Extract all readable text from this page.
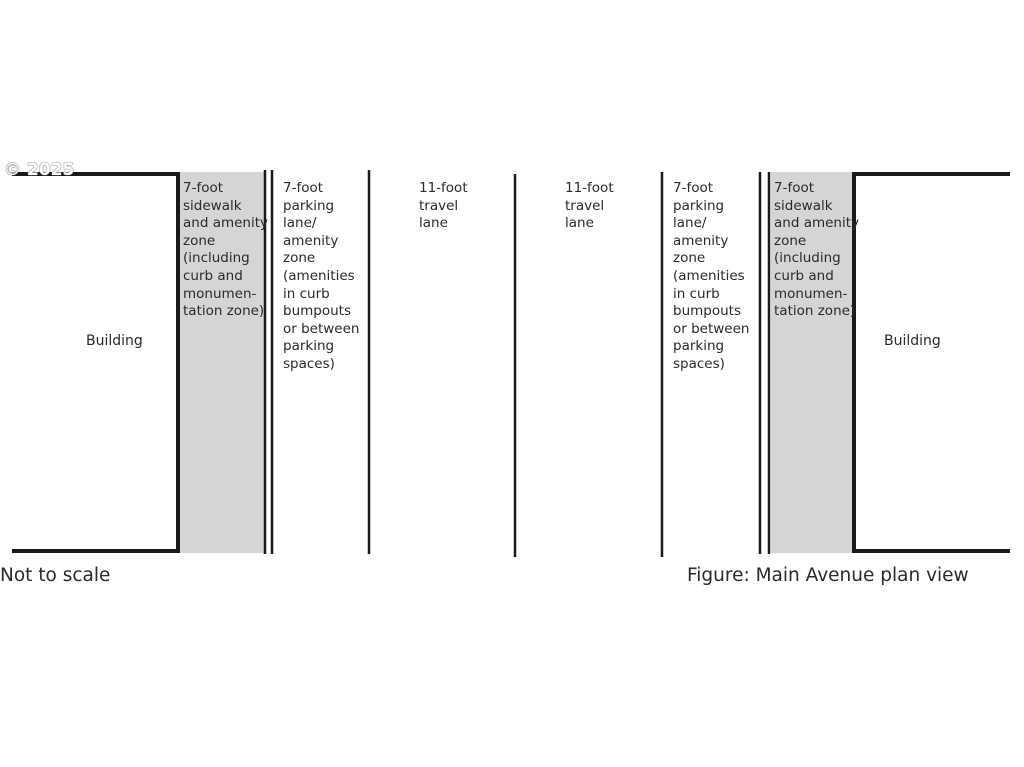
© 2025
Building
7-foot
sidewalk
and amenity
zone
(including
curb and
monumen-
tation zone)
7-foot
parking
lane/
amenity
zone
(amenities
in curb
bumpouts
or between
parking
spaces)
11-foot
travel
lane
11-foot
travel
lane
7-foot
parking
lane/
amenity
zone
(amenities
in curb
bumpouts
or between
parking
spaces)
7-foot
sidewalk
and amenity
zone
(including
curb and
monumen-
tation zone)
Building
Not to scale	Figure: Main Avenue plan view
